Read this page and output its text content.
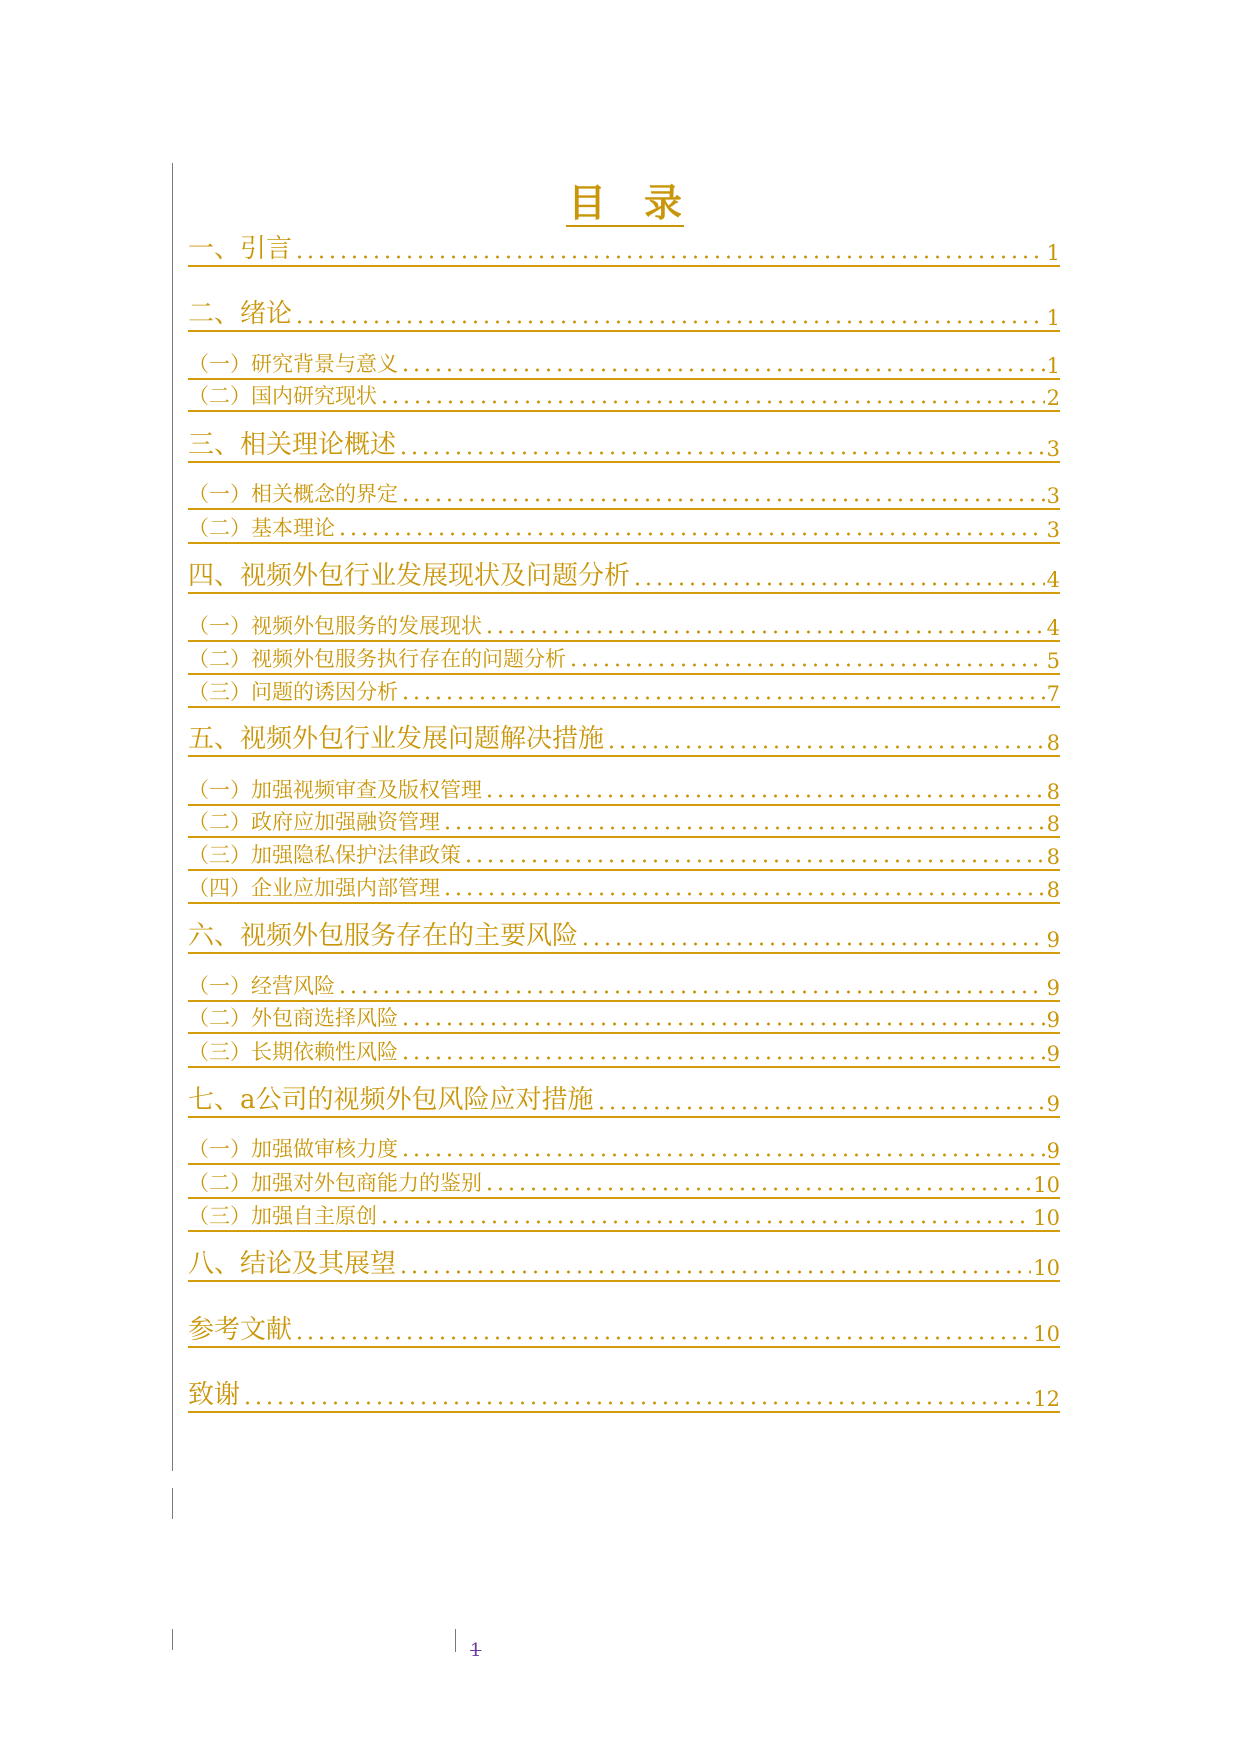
目　录
一、引言	1
二、绪论	1
（一）研究背景与意义	1
（二）国内研究现状	2
三、相关理论概述	3
（一）相关概念的界定	3
（二）基本理论	3
四、视频外包行业发展现状及问题分析	4
（一）视频外包服务的发展现状	4
（二）视频外包服务执行存在的问题分析	5
（三）问题的诱因分析	7
五、视频外包行业发展问题解决措施	8
（一）加强视频审查及版权管理	8
（二）政府应加强融资管理	8
（三）加强隐私保护法律政策	8
（四）企业应加强内部管理	8
六、视频外包服务存在的主要风险	9
（一）经营风险	9
（二）外包商选择风险	9
（三）长期依赖性风险	9
七、a公司的视频外包风险应对措施	9
（一）加强做审核力度	9
（二）加强对外包商能力的鉴别	10
（三）加强自主原创	10
八、结论及其展望	10
参考文献	10
致谢	12
1
